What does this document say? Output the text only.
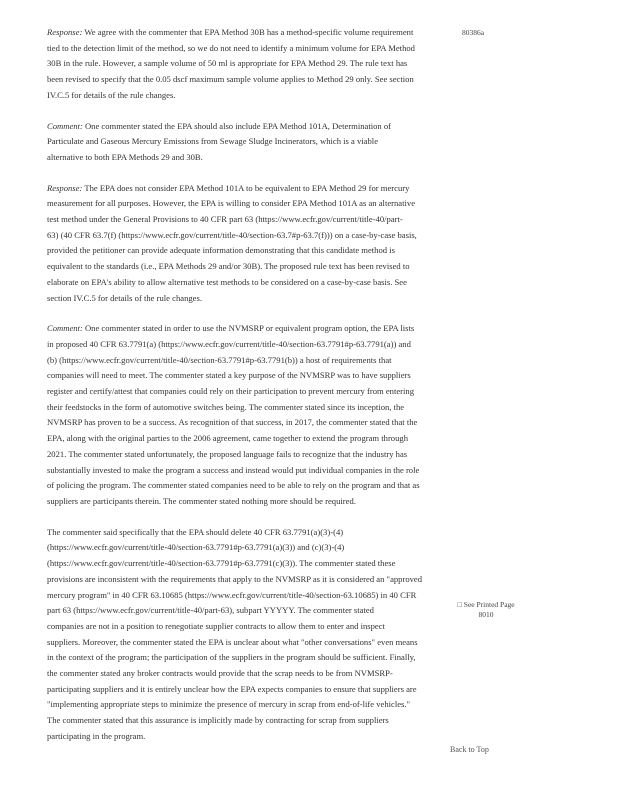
Response: We agree with the commenter that EPA Method 30B has a method-specific volume requirement
tied to the detection limit of the method, so we do not need to identify a minimum volume for EPA Method
30B in the rule. However, a sample volume of 50 ml is appropriate for EPA Method 29. The rule text has
been revised to specify that the 0.05 dscf maximum sample volume applies to Method 29 only. See section
IV.C.5 for details of the rule changes.
Comment: One commenter stated the EPA should also include EPA Method 101A, Determination of
Particulate and Gaseous Mercury Emissions from Sewage Sludge Incinerators, which is a viable
alternative to both EPA Methods 29 and 30B.
Response: The EPA does not consider EPA Method 101A to be equivalent to EPA Method 29 for mercury
measurement for all purposes. However, the EPA is willing to consider EPA Method 101A as an alternative
test method under the General Provisions to 40 CFR part 63 (https://www.ecfr.gov/current/title-40/part-
63) (40 CFR 63.7(f) (https://www.ecfr.gov/current/title-40/section-63.7#p-63.7(f))) on a case-by-case basis,
provided the petitioner can provide adequate information demonstrating that this candidate method is
equivalent to the standards (i.e., EPA Methods 29 and/or 30B). The proposed rule text has been revised to
elaborate on EPA's ability to allow alternative test methods to be considered on a case-by-case basis. See
section IV.C.5 for details of the rule changes.
Comment: One commenter stated in order to use the NVMSRP or equivalent program option, the EPA lists
in proposed 40 CFR 63.7791(a) (https://www.ecfr.gov/current/title-40/section-63.7791#p-63.7791(a)) and
(b) (https://www.ecfr.gov/current/title-40/section-63.7791#p-63.7791(b)) a host of requirements that
companies will need to meet. The commenter stated a key purpose of the NVMSRP was to have suppliers
register and certify/attest that companies could rely on their participation to prevent mercury from entering
their feedstocks in the form of automotive switches being. The commenter stated since its inception, the
NVMSRP has proven to be a success. As recognition of that success, in 2017, the commenter stated that the
EPA, along with the original parties to the 2006 agreement, came together to extend the program through
2021. The commenter stated unfortunately, the proposed language fails to recognize that the industry has
substantially invested to make the program a success and instead would put individual companies in the role
of policing the program. The commenter stated companies need to be able to rely on the program and that as
suppliers are participants therein. The commenter stated nothing more should be required.
The commenter said specifically that the EPA should delete 40 CFR 63.7791(a)(3)-(4)
(https://www.ecfr.gov/current/title-40/section-63.7791#p-63.7791(a)(3)) and (c)(3)-(4)
(https://www.ecfr.gov/current/title-40/section-63.7791#p-63.7791(c)(3)). The commenter stated these
provisions are inconsistent with the requirements that apply to the NVMSRP as it is considered an "approved
mercury program" in 40 CFR 63.10685 (https://www.ecfr.gov/current/title-40/section-63.10685) in 40 CFR
part 63 (https://www.ecfr.gov/current/title-40/part-63), subpart YYYYY. The commenter stated
companies are not in a position to renegotiate supplier contracts to allow them to enter and inspect
suppliers. Moreover, the commenter stated the EPA is unclear about what "other conversations" even means
in the context of the program; the participation of the suppliers in the program should be sufficient. Finally,
the commenter stated any broker contracts would provide that the scrap needs to be from NVMSRP-
participating suppliers and it is entirely unclear how the EPA expects companies to ensure that suppliers are
"implementing appropriate steps to minimize the presence of mercury in scrap from end-of-life vehicles."
The commenter stated that this assurance is implicitly made by contracting for scrap from suppliers
participating in the program.
80386a
□ See Printed Page 8010
Back to Top
